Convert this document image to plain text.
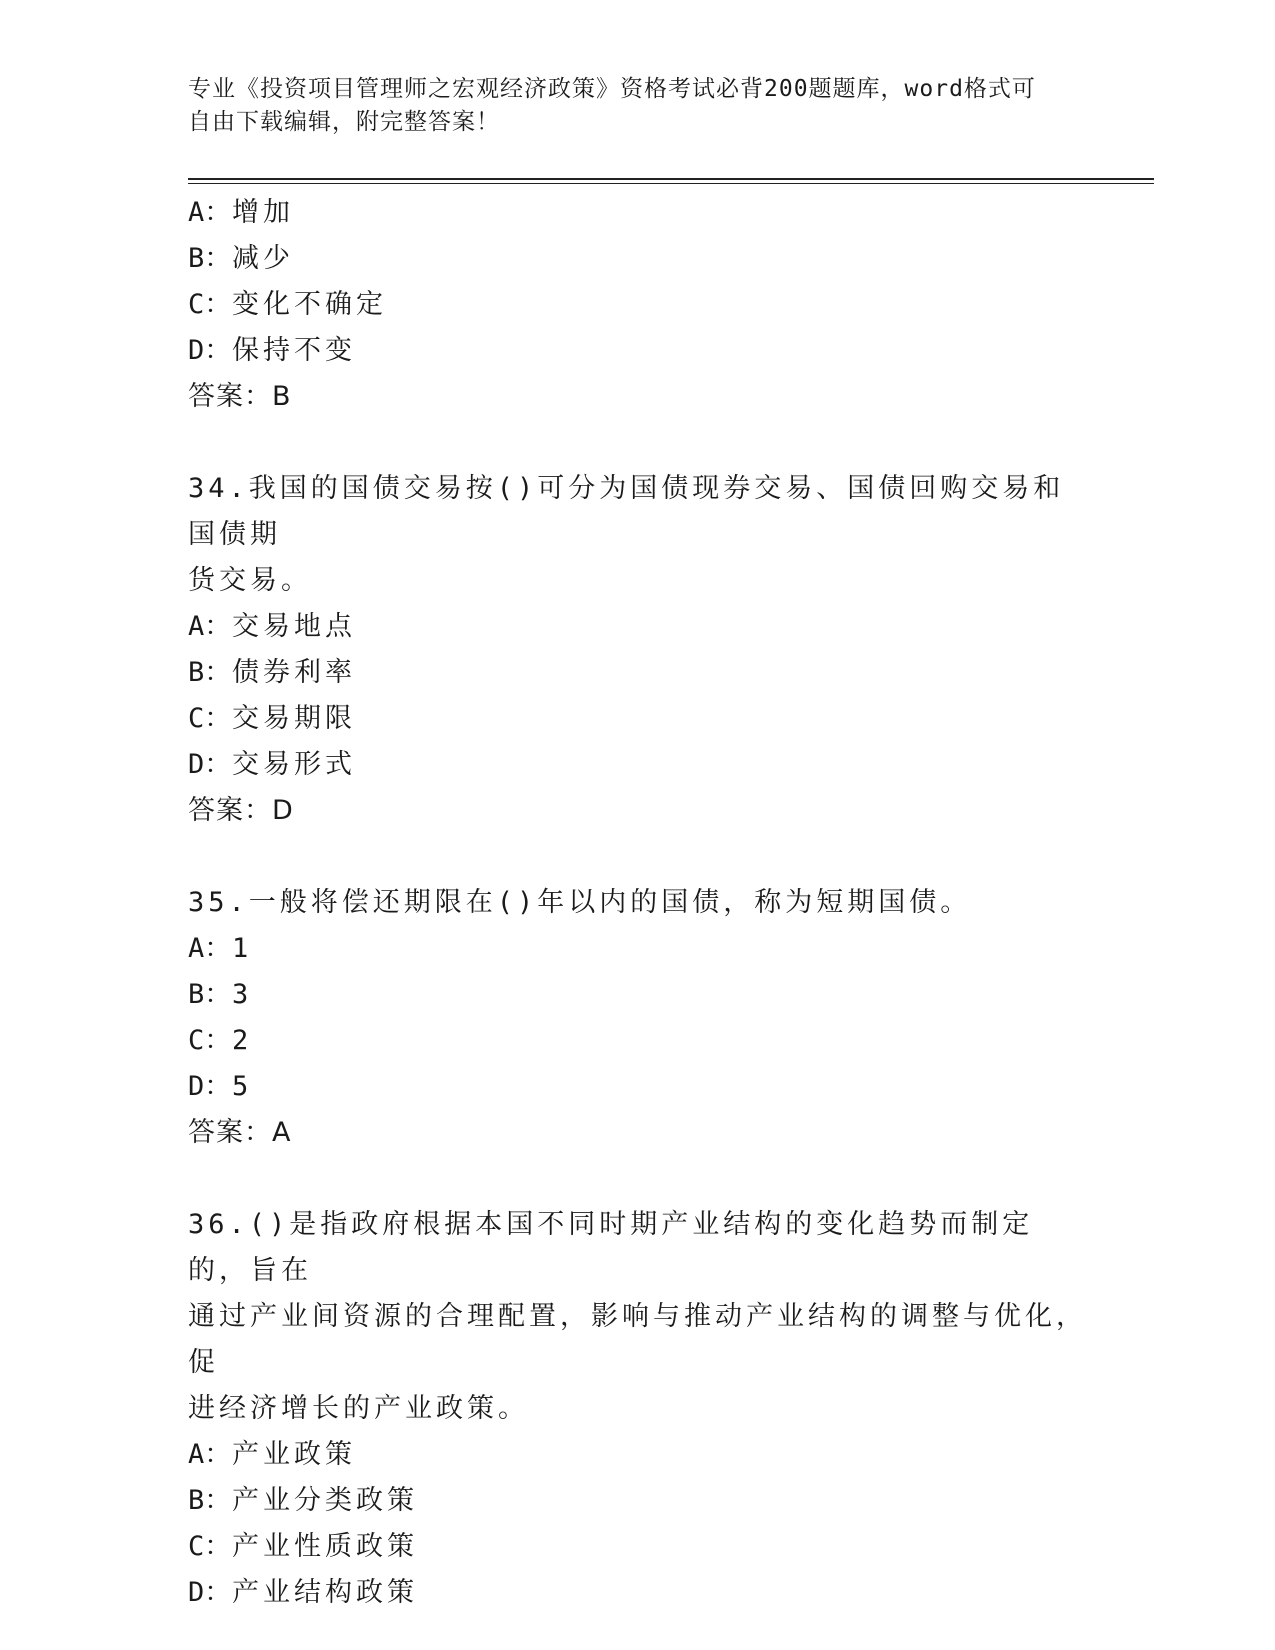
专业《投资项目管理师之宏观经济政策》资格考试必背200题题库，word格式可
自由下载编辑，附完整答案！
A：增加
B：减少
C：变化不确定
D：保持不变
答案：B
34.我国的国债交易按()可分为国债现券交易、国债回购交易和国债期
货交易。
A：交易地点
B：债券利率
C：交易期限
D：交易形式
答案：D
35.一般将偿还期限在()年以内的国债，称为短期国债。
A：1
B：3
C：2
D：5
答案：A
36.()是指政府根据本国不同时期产业结构的变化趋势而制定的，旨在
通过产业间资源的合理配置，影响与推动产业结构的调整与优化，促
进经济增长的产业政策。
A：产业政策
B：产业分类政策
C：产业性质政策
D：产业结构政策
